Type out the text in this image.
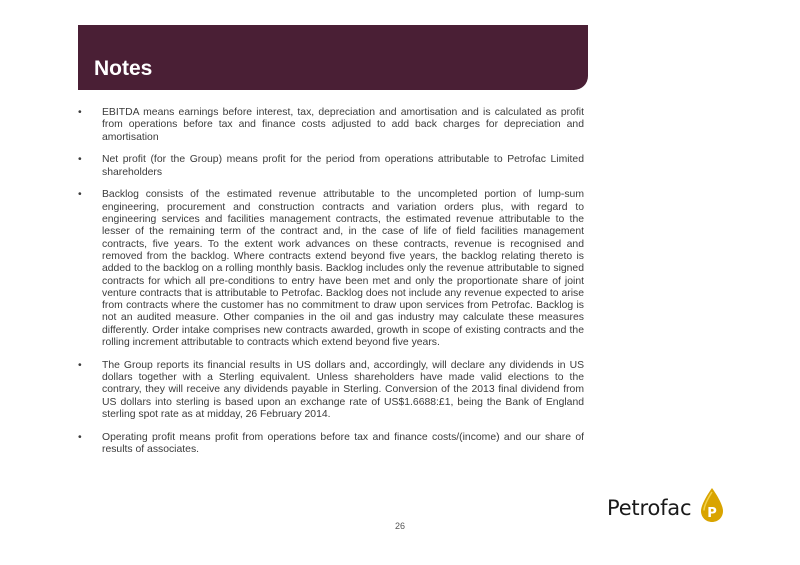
Notes
• EBITDA means earnings before interest, tax, depreciation and amortisation and is calculated as profit from operations before tax and finance costs adjusted to add back charges for depreciation and amortisation
• Net profit (for the Group) means profit for the period from operations attributable to Petrofac Limited shareholders
• Backlog consists of the estimated revenue attributable to the uncompleted portion of lump-sum engineering, procurement and construction contracts and variation orders plus, with regard to engineering services and facilities management contracts, the estimated revenue attributable to the lesser of the remaining term of the contract and, in the case of life of field facilities management contracts, five years. To the extent work advances on these contracts, revenue is recognised and removed from the backlog. Where contracts extend beyond five years, the backlog relating thereto is added to the backlog on a rolling monthly basis. Backlog includes only the revenue attributable to signed contracts for which all pre-conditions to entry have been met and only the proportionate share of joint venture contracts that is attributable to Petrofac. Backlog does not include any revenue expected to arise from contracts where the customer has no commitment to draw upon services from Petrofac. Backlog is not an audited measure. Other companies in the oil and gas industry may calculate these measures differently. Order intake comprises new contracts awarded, growth in scope of existing contracts and the rolling increment attributable to contracts which extend beyond five years.
• The Group reports its financial results in US dollars and, accordingly, will declare any dividends in US dollars together with a Sterling equivalent. Unless shareholders have made valid elections to the contrary, they will receive any dividends payable in Sterling. Conversion of the 2013 final dividend from US dollars into sterling is based upon an exchange rate of US$1.6688:£1, being the Bank of England sterling spot rate as at midday, 26 February 2014.
• Operating profit means profit from operations before tax and finance costs/(income) and our share of results of associates.
26
Petrofac P
